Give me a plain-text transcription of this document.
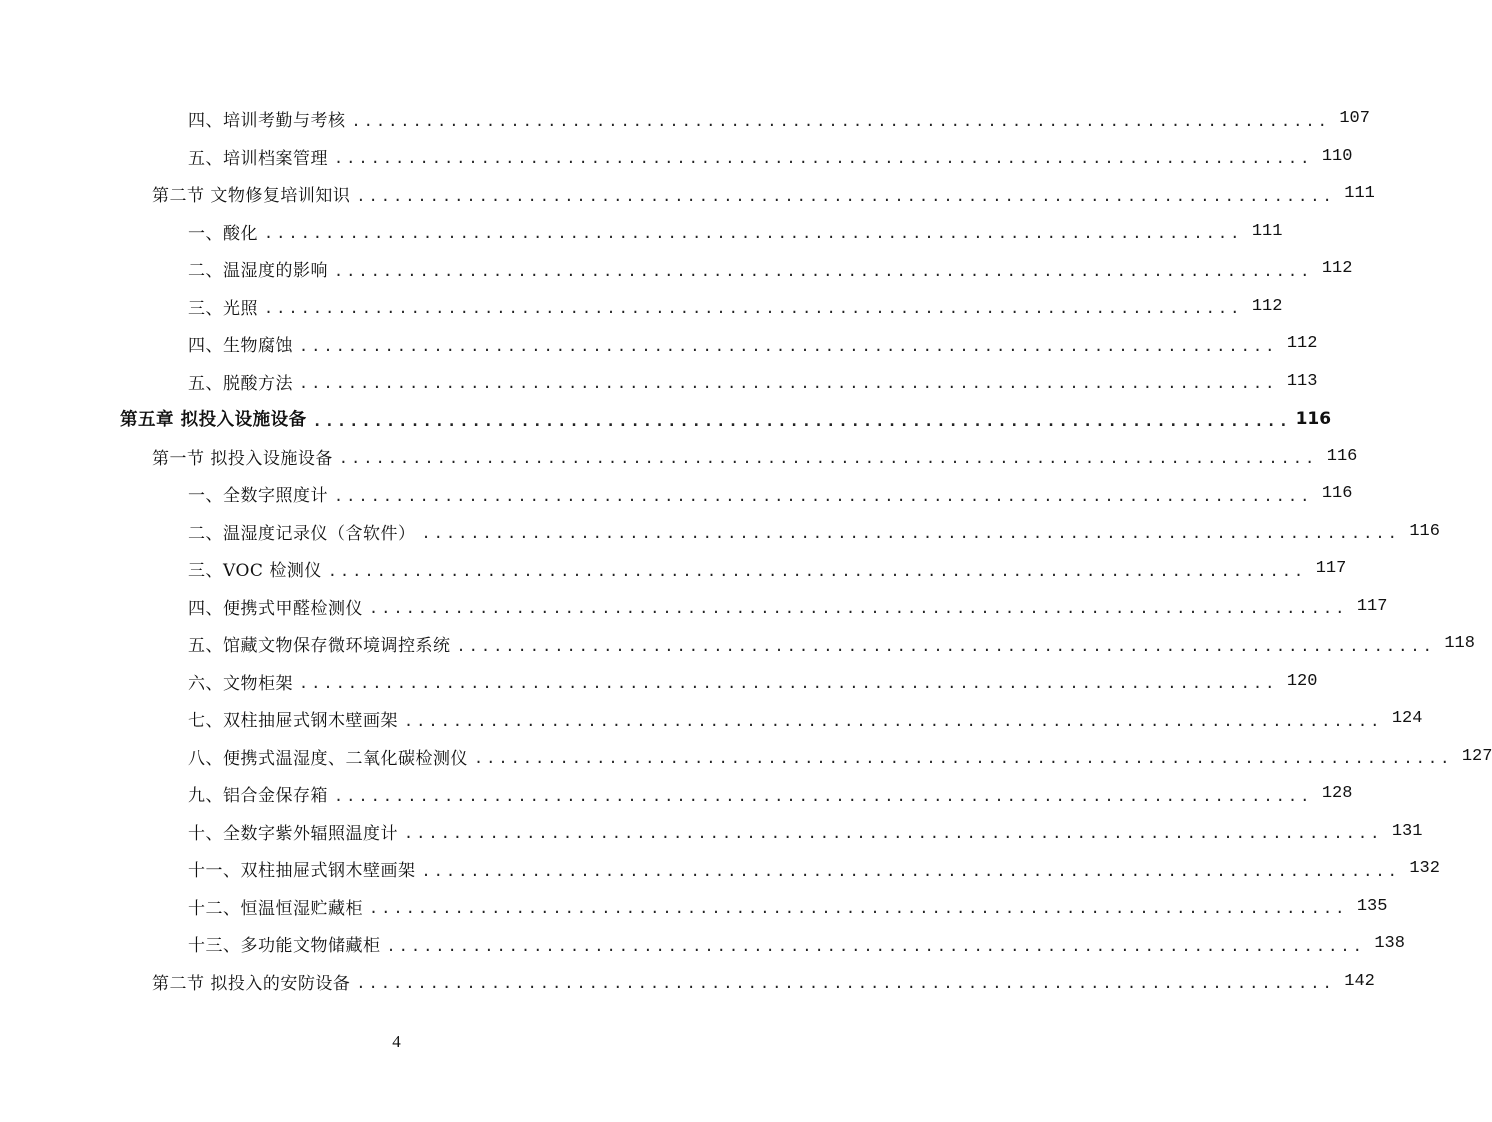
四、培训考勤与考核 ................................................................................ 107
五、培训档案管理 ................................................................................ 110
第二节 文物修复培训知识 ................................................................................ 111
一、酸化 ................................................................................ 111
二、温湿度的影响 ................................................................................ 112
三、光照 ................................................................................ 112
四、生物腐蚀 ................................................................................ 112
五、脱酸方法 ................................................................................ 113
第五章 拟投入设施设备 ................................................................................ 116
第一节 拟投入设施设备 ................................................................................ 116
一、全数字照度计 ................................................................................ 116
二、温湿度记录仪（含软件） ................................................................................ 116
三、VOC 检测仪 ................................................................................ 117
四、便携式甲醛检测仪 ................................................................................ 117
五、馆藏文物保存微环境调控系统 ................................................................................ 118
六、文物柜架 ................................................................................ 120
七、双柱抽屉式钢木壁画架 ................................................................................ 124
八、便携式温湿度、二氧化碳检测仪 ................................................................................ 127
九、铝合金保存箱 ................................................................................ 128
十、全数字紫外辐照温度计 ................................................................................ 131
十一、双柱抽屉式钢木壁画架 ................................................................................ 132
十二、恒温恒湿贮藏柜 ................................................................................ 135
十三、多功能文物储藏柜 ................................................................................ 138
第二节 拟投入的安防设备 ................................................................................ 142
4
